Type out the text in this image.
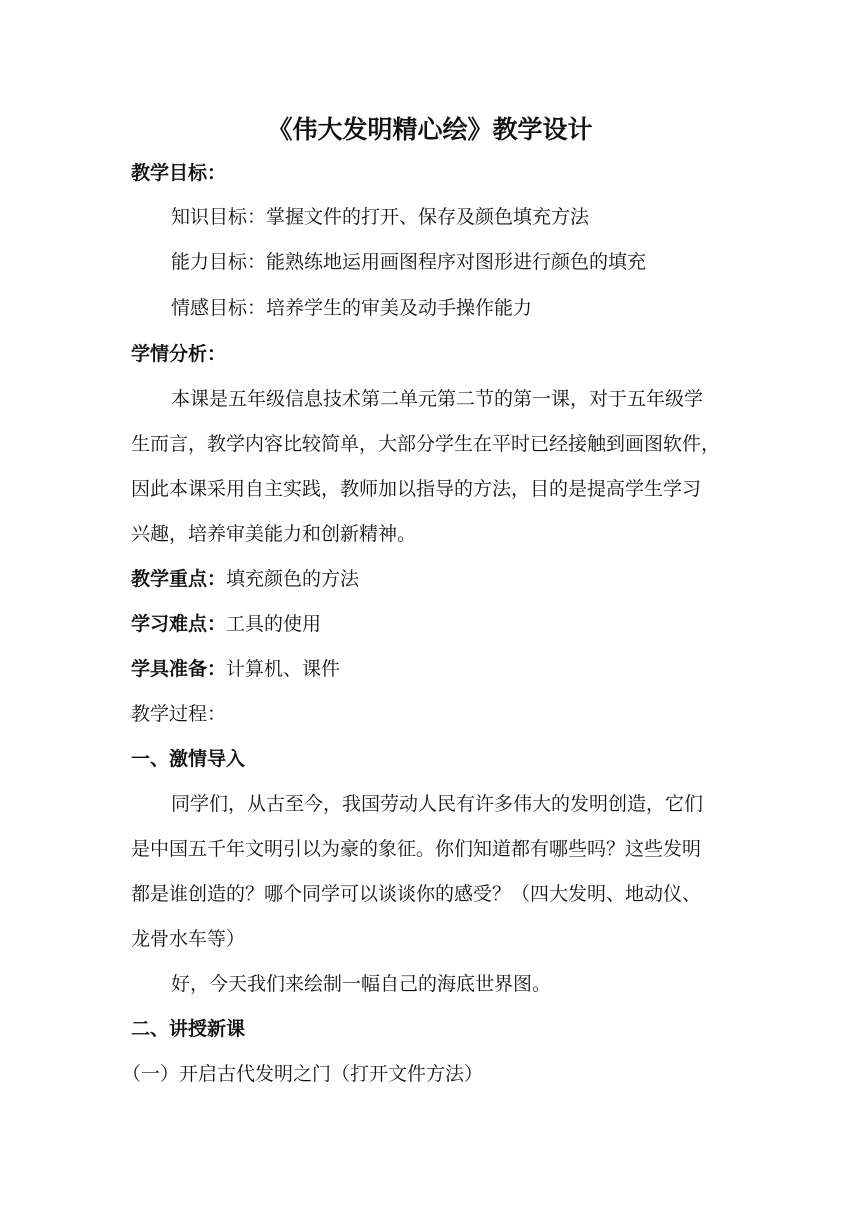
《伟大发明精心绘》教学设计
教学目标：
知识目标：掌握文件的打开、保存及颜色填充方法
能力目标：能熟练地运用画图程序对图形进行颜色的填充
情感目标：培养学生的审美及动手操作能力
学情分析：
本课是五年级信息技术第二单元第二节的第一课，对于五年级学
生而言，教学内容比较简单，大部分学生在平时已经接触到画图软件，
因此本课采用自主实践，教师加以指导的方法，目的是提高学生学习
兴趣，培养审美能力和创新精神。
教学重点：填充颜色的方法
学习难点：工具的使用
学具准备：计算机、课件
教学过程：
一、激情导入
同学们，从古至今，我国劳动人民有许多伟大的发明创造，它们
是中国五千年文明引以为豪的象征。你们知道都有哪些吗？这些发明
都是谁创造的？哪个同学可以谈谈你的感受？（四大发明、地动仪、
龙骨水车等）
好，今天我们来绘制一幅自己的海底世界图。
二、讲授新课
（一）开启古代发明之门（打开文件方法）
